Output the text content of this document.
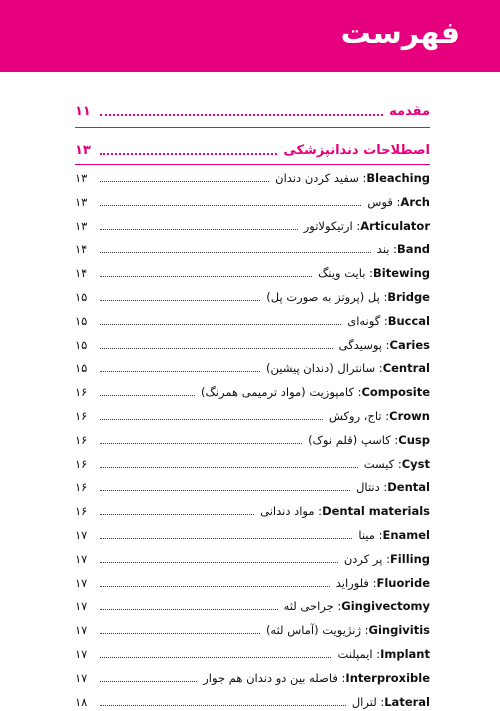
فهرست
مقدمه
۱۱
اصطلاحات دندانپزشکی
۱۳
Bleaching: سفید کردن دندان
۱۳
Arch: قوس
۱۳
Articulator: ارتیکولاتور
۱۳
Band: بند
۱۴
Bitewing: بایت وینگ
۱۴
Bridge: پل (پروتز به صورت پل)
۱۵
Buccal: گونه‌ای
۱۵
Caries: پوسیدگی
۱۵
Central: سانترال (دندان پیشین)
۱۵
Composite: کامپوزیت (مواد ترمیمی همرنگ)
۱۶
Crown: تاج، روکش
۱۶
Cusp: کاسپ (قلم نوک)
۱۶
Cyst: کیست
۱۶
Dental: دنتال
۱۶
Dental materials: مواد دندانی
۱۶
Enamel: مینا
۱۷
Filling: پر کردن
۱۷
Fluoride: فلوراید
۱۷
Gingivectomy: جراحی لثه
۱۷
Gingivitis: ژنژیویت (آماس لثه)
۱۷
Implant: ایمپلنت
۱۷
Interproxible: فاصله بین دو دندان هم جوار
۱۷
Lateral: لترال
۱۸
